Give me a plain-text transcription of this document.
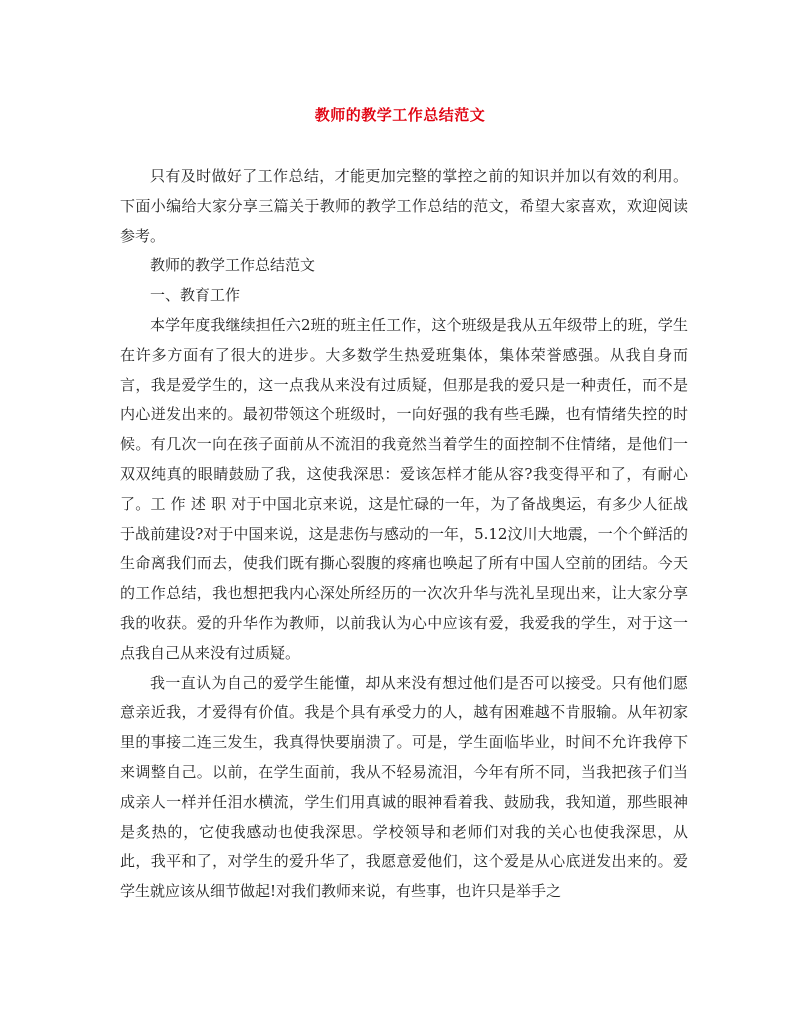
教师的教学工作总结范文

只有及时做好了工作总结，才能更加完整的掌控之前的知识并加以有效的利用。下面小编给大家分享三篇关于教师的教学工作总结的范文，希望大家喜欢，欢迎阅读参考。

教师的教学工作总结范文

一、教育工作

本学年度我继续担任六2班的班主任工作，这个班级是我从五年级带上的班，学生在许多方面有了很大的进步。大多数学生热爱班集体，集体荣誉感强。从我自身而言，我是爱学生的，这一点我从来没有过质疑，但那是我的爱只是一种责任，而不是内心迸发出来的。最初带领这个班级时，一向好强的我有些毛躁，也有情绪失控的时候。有几次一向在孩子面前从不流泪的我竟然当着学生的面控制不住情绪，是他们一双双纯真的眼睛鼓励了我，这使我深思：爱该怎样才能从容?我变得平和了，有耐心了。工 作 述 职 对于中国北京来说，这是忙碌的一年，为了备战奥运，有多少人征战于战前建设?对于中国来说，这是悲伤与感动的一年，5.12汶川大地震，一个个鲜活的生命离我们而去，使我们既有撕心裂腹的疼痛也唤起了所有中国人空前的团结。今天的工作总结，我也想把我内心深处所经历的一次次升华与洗礼呈现出来，让大家分享我的收获。爱的升华作为教师，以前我认为心中应该有爱，我爱我的学生，对于这一点我自己从来没有过质疑。

我一直认为自己的爱学生能懂，却从来没有想过他们是否可以接受。只有他们愿意亲近我，才爱得有价值。我是个具有承受力的人，越有困难越不肯服输。从年初家里的事接二连三发生，我真得快要崩溃了。可是，学生面临毕业，时间不允许我停下来调整自己。以前，在学生面前，我从不轻易流泪，今年有所不同，当我把孩子们当成亲人一样并任泪水横流，学生们用真诚的眼神看着我、鼓励我，我知道，那些眼神是炙热的，它使我感动也使我深思。学校领导和老师们对我的关心也使我深思，从此，我平和了，对学生的爱升华了，我愿意爱他们，这个爱是从心底迸发出来的。爱学生就应该从细节做起!对我们教师来说，有些事，也许只是举手之
